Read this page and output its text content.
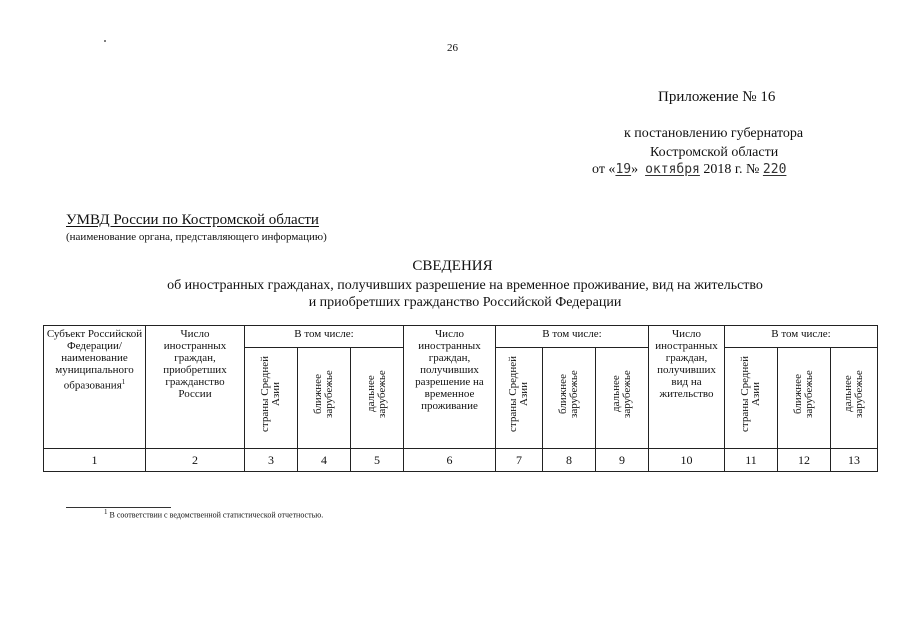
26
Приложение № 16
к постановлению губернатора
Костромской области
от «19» октября 2018 г. № 220
УМВД России по Костромской области
(наименование органа, представляющего информацию)
СВЕДЕНИЯ
об иностранных гражданах, получивших разрешение на временное проживание, вид на жительство
и приобретших гражданство Российской Федерации
Субъект Российской Федерации/ наименование муниципального образования$^1$	Число иностранных граждан, приобретших гражданство России	В том числе:			Число иностранных граждан, получивших разрешение на временное проживание	В том числе:			Число иностранных граждан, получивших вид на жительство	В том числе:		
		страны Средней Азии	ближнее зарубежье	дальнее зарубежье		страны Средней Азии	ближнее зарубежье	дальнее зарубежье		страны Средней Азии	ближнее зарубежье	дальнее зарубежье
1	2	3	4	5	6	7	8	9	10	11	12	13
$^1$ В соответствии с ведомственной статистической отчетностью.
